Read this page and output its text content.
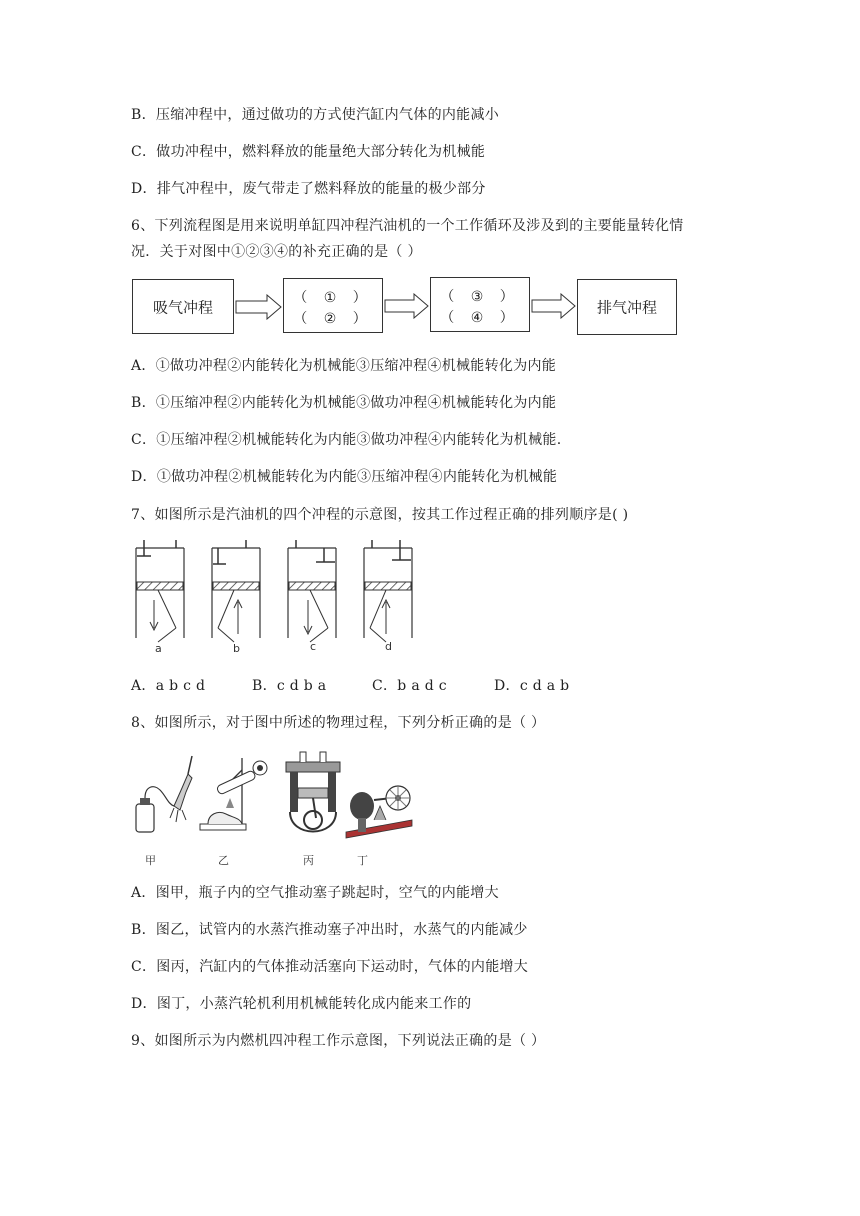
B．压缩冲程中，通过做功的方式使汽缸内气体的内能减小
C．做功冲程中，燃料释放的能量绝大部分转化为机械能
D．排气冲程中，废气带走了燃料释放的能量的极少部分
6、下列流程图是用来说明单缸四冲程汽油机的一个工作循环及涉及到的主要能量转化情
况．关于对图中①②③④的补充正确的是（ ）
吸气冲程	（ ① ）
（ ② ）
（ ③ ）
（ ④ ）
排气冲程
A．①做功冲程②内能转化为机械能③压缩冲程④机械能转化为内能
B．①压缩冲程②内能转化为机械能③做功冲程④机械能转化为内能
C．①压缩冲程②机械能转化为内能③做功冲程④内能转化为机械能.
D．①做功冲程②机械能转化为内能③压缩冲程④内能转化为机械能
7、如图所示是汽油机的四个冲程的示意图，按其工作过程正确的排列顺序是( )
a	b	c	d
A．a b c d	B．c d b a	C．b a d c	D．c d a b
8、如图所示，对于图中所述的物理过程，下列分析正确的是（ ）
甲	乙	丙	丁
A．图甲，瓶子内的空气推动塞子跳起时，空气的内能增大
B．图乙，试管内的水蒸汽推动塞子冲出时，水蒸气的内能减少
C．图丙，汽缸内的气体推动活塞向下运动时，气体的内能增大
D．图丁，小蒸汽轮机利用机械能转化成内能来工作的
9、如图所示为内燃机四冲程工作示意图，下列说法正确的是（ ）
